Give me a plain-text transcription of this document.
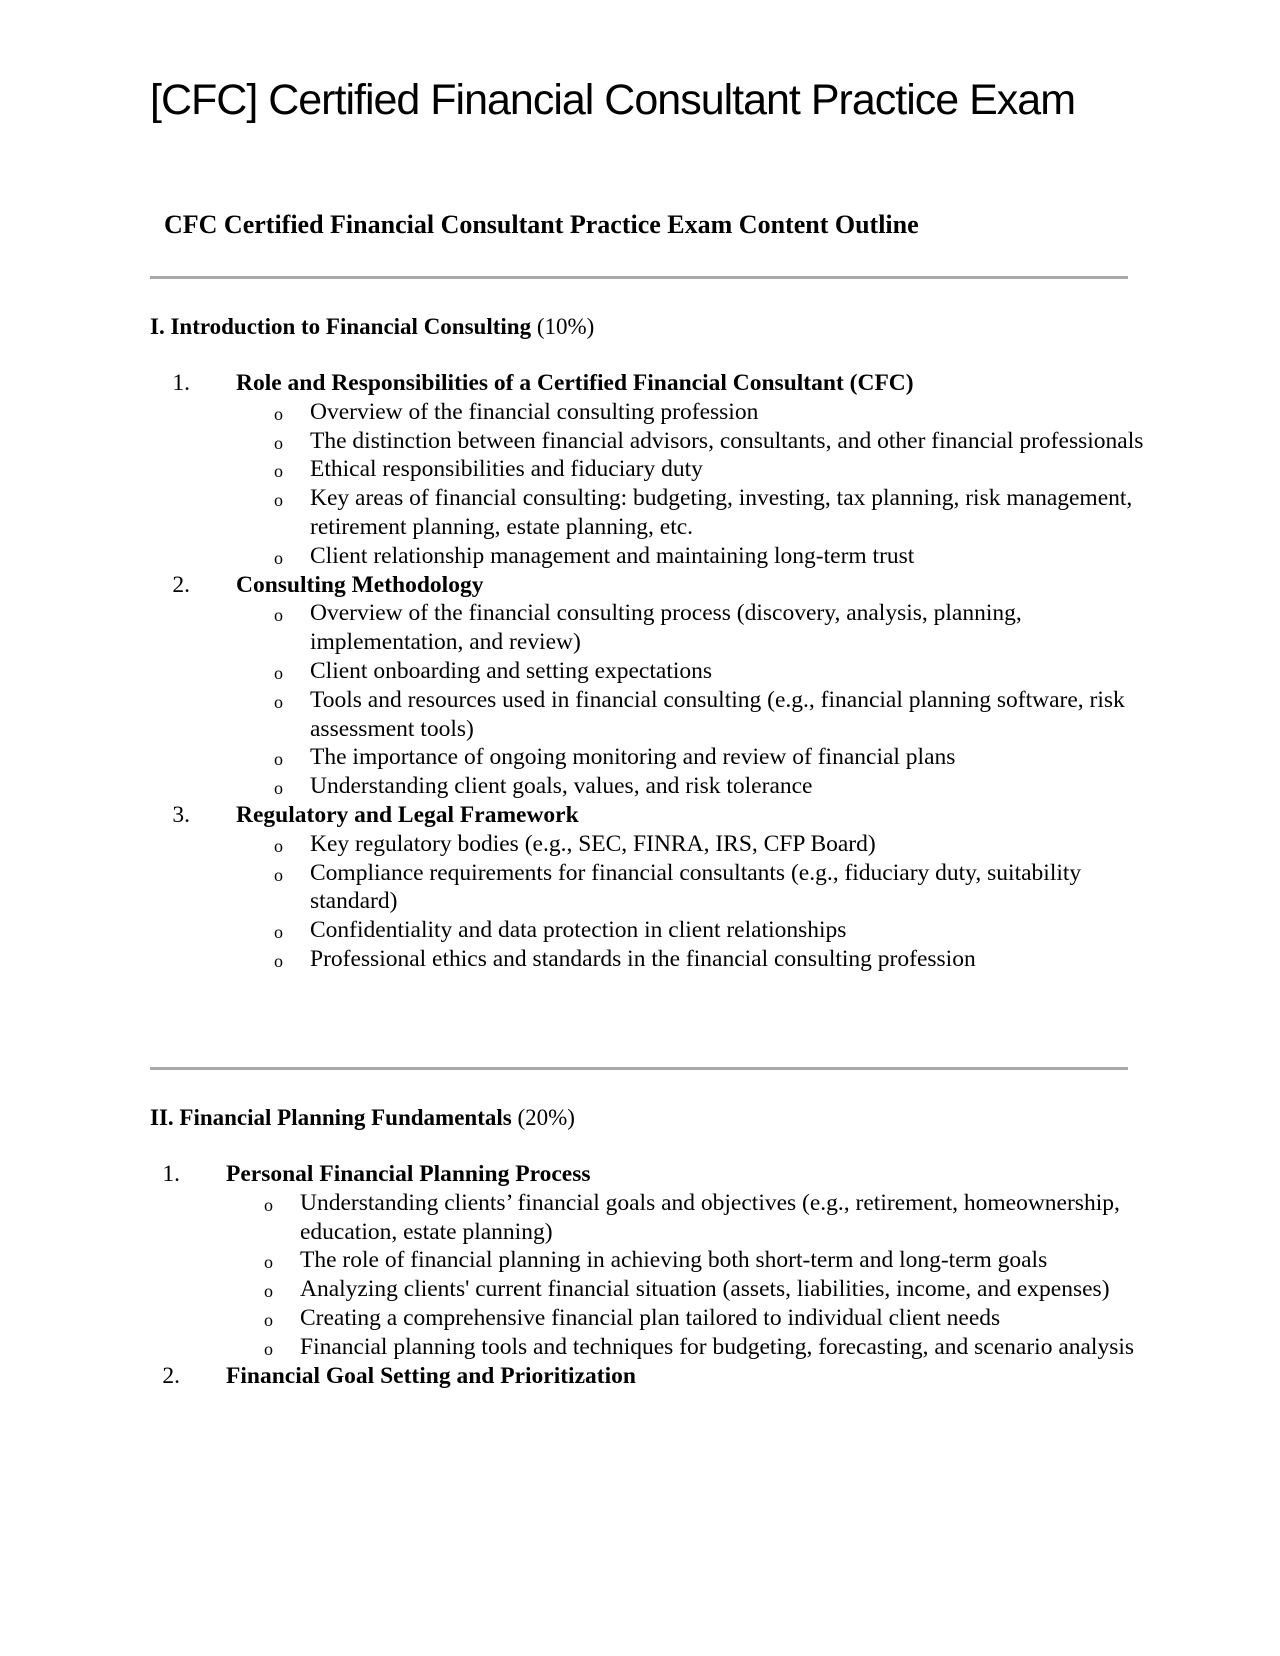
[CFC] Certified Financial Consultant Practice Exam
CFC Certified Financial Consultant Practice Exam Content Outline
I. Introduction to Financial Consulting (10%)
1. Role and Responsibilities of a Certified Financial Consultant (CFC)
o Overview of the financial consulting profession
o The distinction between financial advisors, consultants, and other financial professionals
o Ethical responsibilities and fiduciary duty
o Key areas of financial consulting: budgeting, investing, tax planning, risk management, retirement planning, estate planning, etc.
o Client relationship management and maintaining long-term trust
2. Consulting Methodology
o Overview of the financial consulting process (discovery, analysis, planning, implementation, and review)
o Client onboarding and setting expectations
o Tools and resources used in financial consulting (e.g., financial planning software, risk assessment tools)
o The importance of ongoing monitoring and review of financial plans
o Understanding client goals, values, and risk tolerance
3. Regulatory and Legal Framework
o Key regulatory bodies (e.g., SEC, FINRA, IRS, CFP Board)
o Compliance requirements for financial consultants (e.g., fiduciary duty, suitability standard)
o Confidentiality and data protection in client relationships
o Professional ethics and standards in the financial consulting profession
II. Financial Planning Fundamentals (20%)
1. Personal Financial Planning Process
o Understanding clients’ financial goals and objectives (e.g., retirement, homeownership, education, estate planning)
o The role of financial planning in achieving both short-term and long-term goals
o Analyzing clients' current financial situation (assets, liabilities, income, and expenses)
o Creating a comprehensive financial plan tailored to individual client needs
o Financial planning tools and techniques for budgeting, forecasting, and scenario analysis
2. Financial Goal Setting and Prioritization
